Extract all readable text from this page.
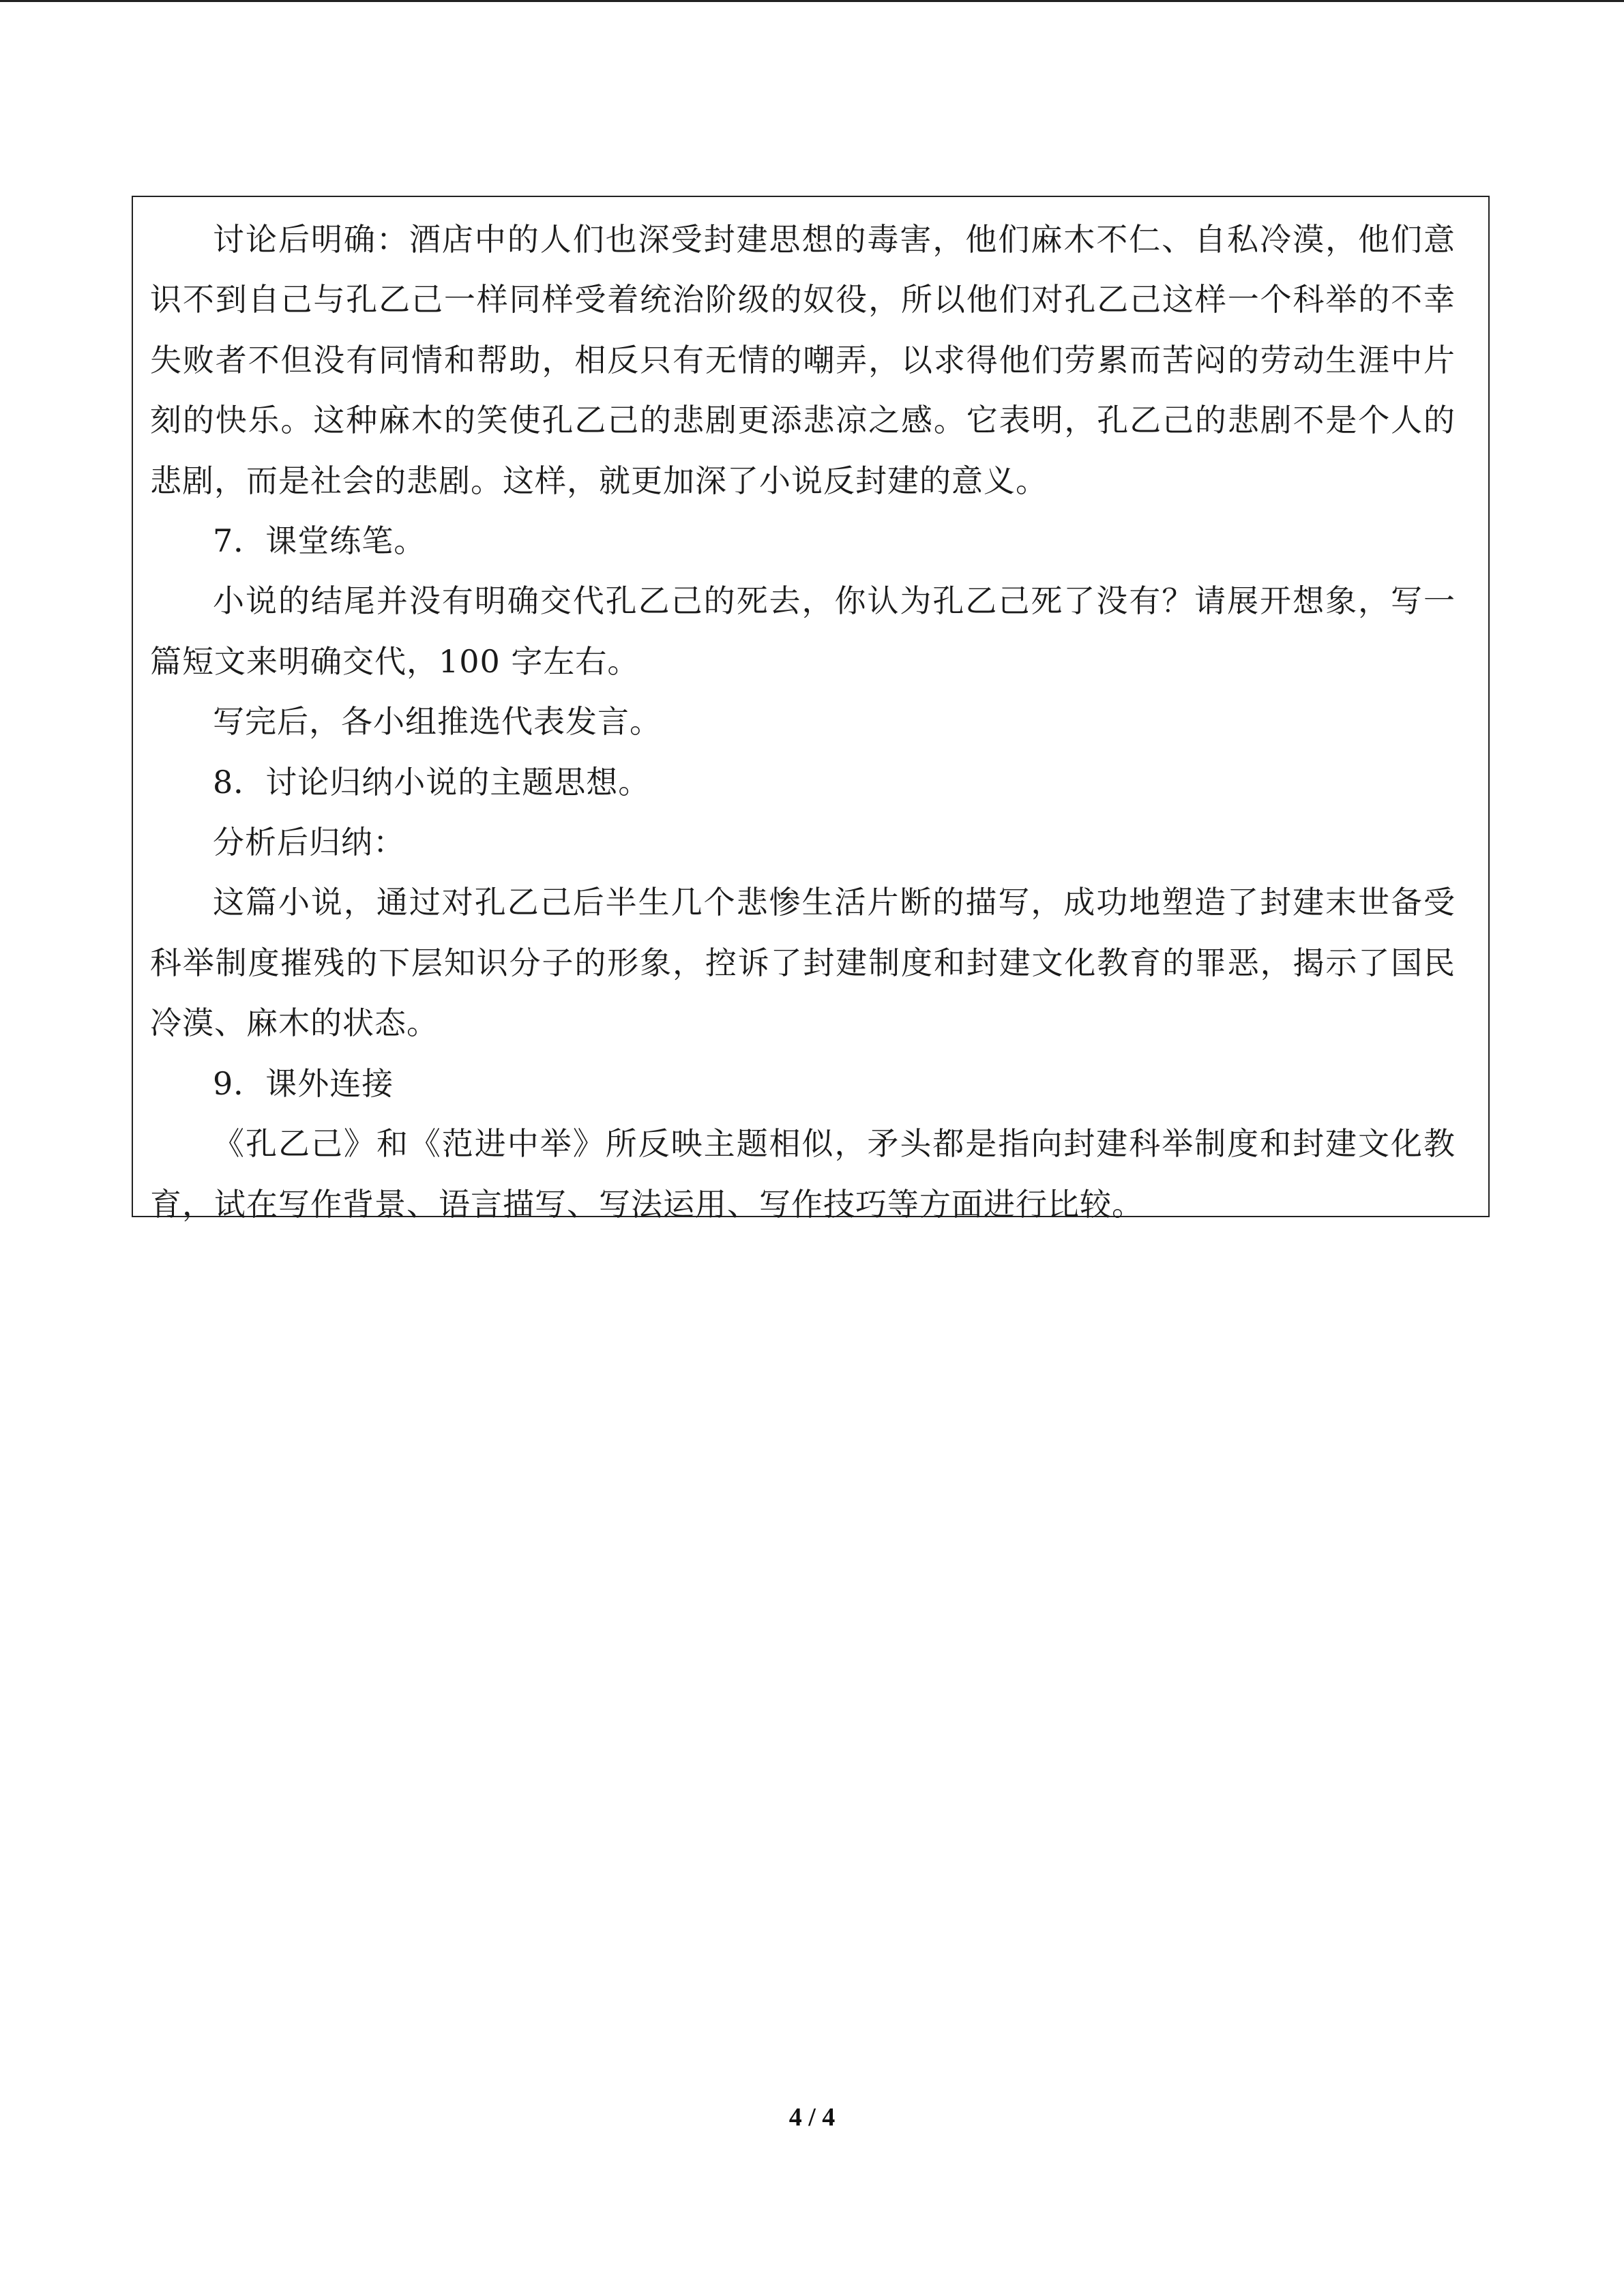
讨论后明确：酒店中的人们也深受封建思想的毒害，他们麻木不仁、自私冷漠，他们意识不到自己与孔乙己一样同样受着统治阶级的奴役，所以他们对孔乙己这样一个科举的不幸失败者不但没有同情和帮助，相反只有无情的嘲弄，以求得他们劳累而苦闷的劳动生涯中片刻的快乐。这种麻木的笑使孔乙己的悲剧更添悲凉之感。它表明，孔乙己的悲剧不是个人的悲剧，而是社会的悲剧。这样，就更加深了小说反封建的意义。

7．课堂练笔。

小说的结尾并没有明确交代孔乙己的死去，你认为孔乙己死了没有？请展开想象，写一篇短文来明确交代，100 字左右。

写完后，各小组推选代表发言。

8．讨论归纳小说的主题思想。

分析后归纳：

这篇小说，通过对孔乙己后半生几个悲惨生活片断的描写，成功地塑造了封建末世备受科举制度摧残的下层知识分子的形象，控诉了封建制度和封建文化教育的罪恶，揭示了国民冷漠、麻木的状态。

9．课外连接

《孔乙己》和《范进中举》所反映主题相似，矛头都是指向封建科举制度和封建文化教育，试在写作背景、语言描写、写法运用、写作技巧等方面进行比较。

4 / 4
